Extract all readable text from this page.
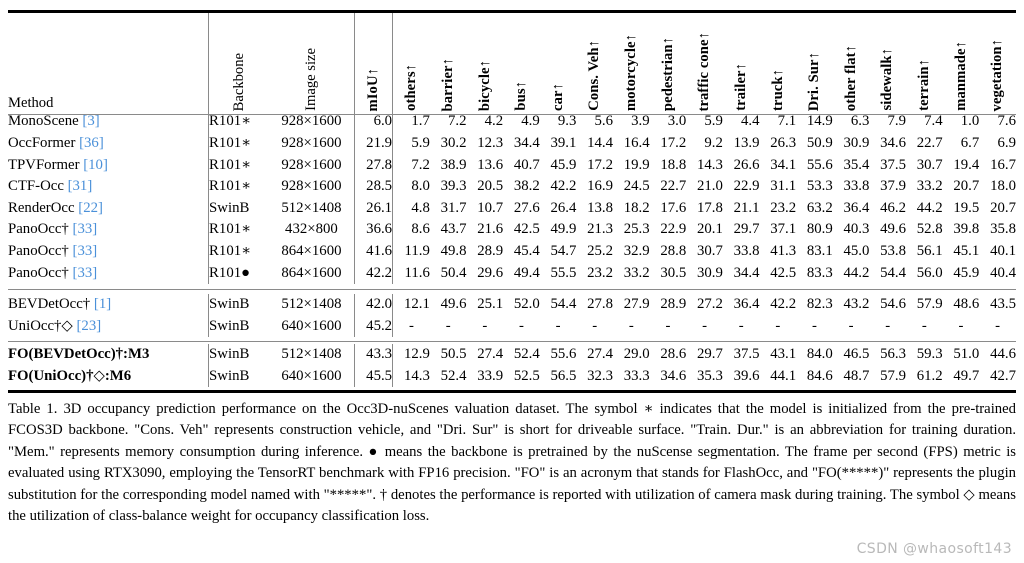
Method	Backbone	Image size	mIoU↑	others↑	barrier↑	bicycle↑	bus↑	car↑	Cons. Veh↑	motorcycle↑	pedestrian↑	traffic cone↑	trailer↑	truck↑	Dri. Sur↑	other flat↑	sidewalk↑	terrain↑	manmade↑	vegetation↑

MonoScene [3]	R101∗	928×1600	6.0	1.7	7.2	4.2	4.9	9.3	5.6	3.9	3.0	5.9	4.4	7.1	14.9	6.3	7.9	7.4	1.0	7.6
OccFormer [36]	R101∗	928×1600	21.9	5.9	30.2	12.3	34.4	39.1	14.4	16.4	17.2	9.2	13.9	26.3	50.9	30.9	34.6	22.7	6.7	6.9
TPVFormer [10]	R101∗	928×1600	27.8	7.2	38.9	13.6	40.7	45.9	17.2	19.9	18.8	14.3	26.6	34.1	55.6	35.4	37.5	30.7	19.4	16.7
CTF-Occ [31]	R101∗	928×1600	28.5	8.0	39.3	20.5	38.2	42.2	16.9	24.5	22.7	21.0	22.9	31.1	53.3	33.8	37.9	33.2	20.7	18.0
RenderOcc [22]	SwinB	512×1408	26.1	4.8	31.7	10.7	27.6	26.4	13.8	18.2	17.6	17.8	21.1	23.2	63.2	36.4	46.2	44.2	19.5	20.7
PanoOcc† [33]	R101∗	432×800	36.6	8.6	43.7	21.6	42.5	49.9	21.3	25.3	22.9	20.1	29.7	37.1	80.9	40.3	49.6	52.8	39.8	35.8
PanoOcc† [33]	R101∗	864×1600	41.6	11.9	49.8	28.9	45.4	54.7	25.2	32.9	28.8	30.7	33.8	41.3	83.1	45.0	53.8	56.1	45.1	40.1
PanoOcc† [33]	R101●	864×1600	42.2	11.6	50.4	29.6	49.4	55.5	23.2	33.2	30.5	30.9	34.4	42.5	83.3	44.2	54.4	56.0	45.9	40.4

BEVDetOcc† [1]	SwinB	512×1408	42.0	12.1	49.6	25.1	52.0	54.4	27.8	27.9	28.9	27.2	36.4	42.2	82.3	43.2	54.6	57.9	48.6	43.5
UniOcc†◇ [23]	SwinB	640×1600	45.2	-	-	-	-	-	-	-	-	-	-	-	-	-	-	-	-	-

FO(BEVDetOcc)†:M3	SwinB	512×1408	43.3	12.9	50.5	27.4	52.4	55.6	27.4	29.0	28.6	29.7	37.5	43.1	84.0	46.5	56.3	59.3	51.0	44.6
FO(UniOcc)†◇:M6	SwinB	640×1600	45.5	14.3	52.4	33.9	52.5	56.5	32.3	33.3	34.6	35.3	39.6	44.1	84.6	48.7	57.9	61.2	49.7	42.7
Table 1. 3D occupancy prediction performance on the Occ3D-nuScenes valuation dataset. The symbol ∗ indicates that the model is initialized from the pre-trained FCOS3D backbone. "Cons. Veh" represents construction vehicle, and "Dri. Sur" is short for driveable surface. "Train. Dur." is an abbreviation for training duration. "Mem." represents memory consumption during inference. ● means the backbone is pretrained by the nuScense segmentation. The frame per second (FPS) metric is evaluated using RTX3090, employing the TensorRT benchmark with FP16 precision. "FO" is an acronym that stands for FlashOcc, and "FO(*****)" represents the plugin substitution for the corresponding model named with "*****". † denotes the performance is reported with utilization of camera mask during training. The symbol ◇ means the utilization of class-balance weight for occupancy classification loss.
CSDN @whaosoft143
